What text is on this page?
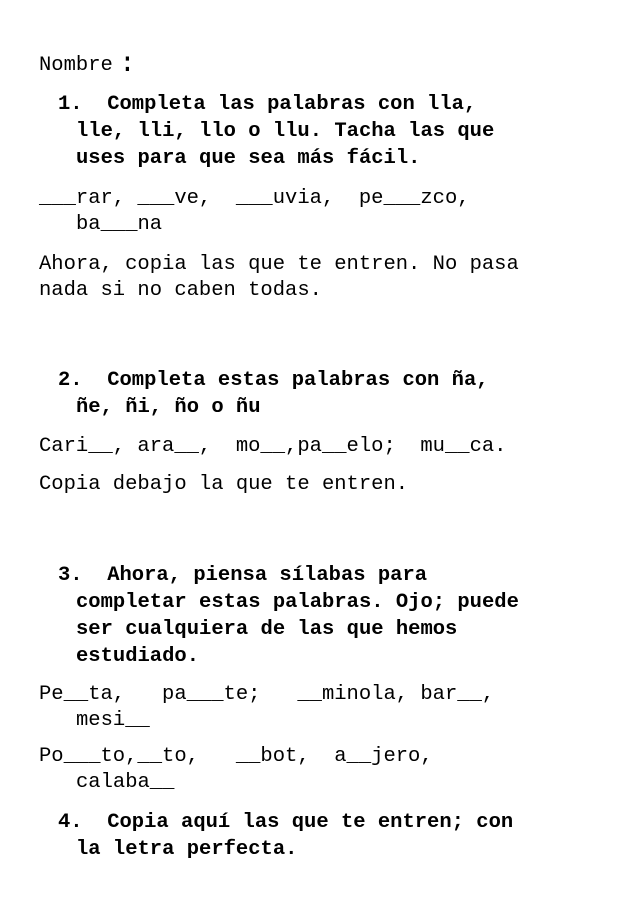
Nombre :
1.  Completa las palabras con lla,
lle, lli, llo o llu. Tacha las que
uses para que sea más fácil.
___rar, ___ve,  ___uvia,  pe___zco,
ba___na
Ahora, copia las que te entren. No pasa
nada si no caben todas.
2.  Completa estas palabras con ña,
ñe, ñi, ño o ñu
Cari__, ara__,  mo__,pa__elo;  mu__ca.
Copia debajo la que te entren.
3.  Ahora, piensa sílabas para
completar estas palabras. Ojo; puede
ser cualquiera de las que hemos
estudiado.
Pe__ta,   pa___te;   __minola, bar__,
mesi__
Po___to,__to,   __bot,  a__jero,
calaba__
4.  Copia aquí las que te entren; con
la letra perfecta.
